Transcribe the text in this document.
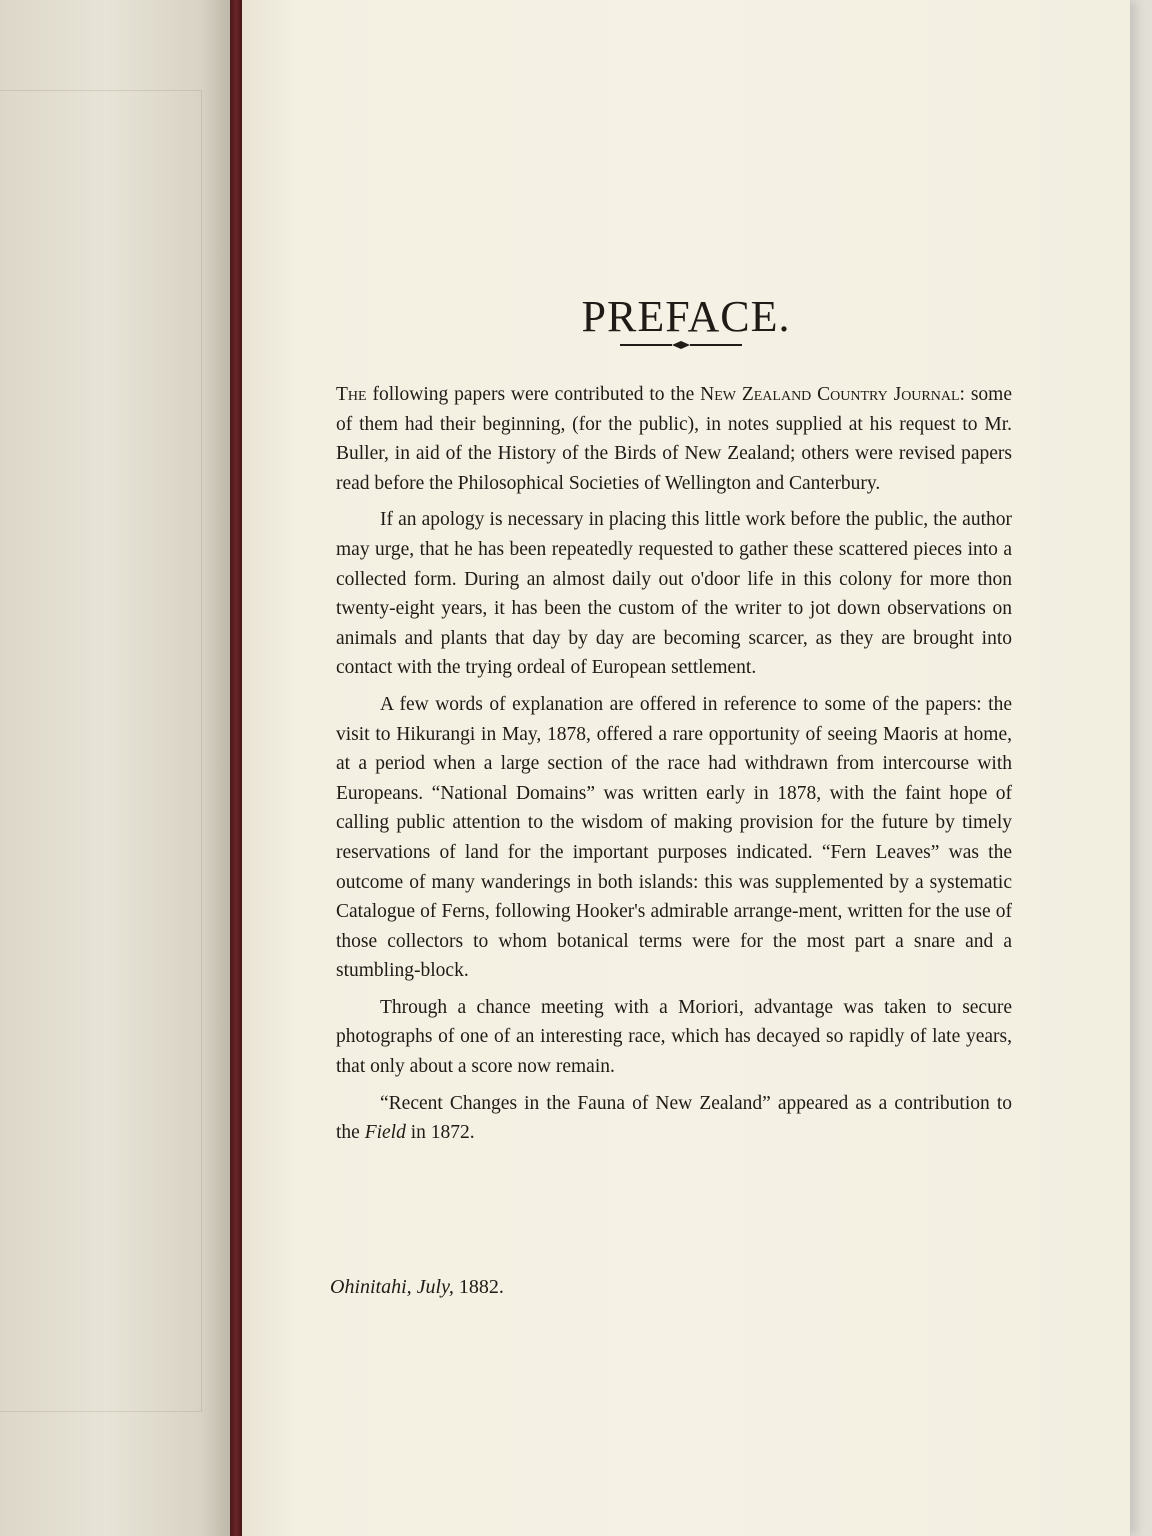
PREFACE.

The following papers were contributed to the New Zealand Country Journal: some of them had their beginning, (for the public), in notes supplied at his request to Mr. Buller, in aid of the History of the Birds of New Zealand; others were revised papers read before the Philosophical Societies of Wellington and Canterbury.

If an apology is necessary in placing this little work before the public, the author may urge, that he has been repeatedly requested to gather these scattered pieces into a collected form. During an almost daily out o'door life in this colony for more thon twenty-eight years, it has been the custom of the writer to jot down observations on animals and plants that day by day are becoming scarcer, as they are brought into contact with the trying ordeal of European settlement.

A few words of explanation are offered in reference to some of the papers: the visit to Hikurangi in May, 1878, offered a rare opportunity of seeing Maoris at home, at a period when a large section of the race had withdrawn from intercourse with Europeans. “National Domains” was written early in 1878, with the faint hope of calling public attention to the wisdom of making provision for the future by timely reservations of land for the important purposes indicated. “Fern Leaves” was the outcome of many wanderings in both islands: this was supplemented by a systematic Catalogue of Ferns, following Hooker's admirable arrange-ment, written for the use of those collectors to whom botanical terms were for the most part a snare and a stumbling-block.

Through a chance meeting with a Moriori, advantage was taken to secure photographs of one of an interesting race, which has decayed so rapidly of late years, that only about a score now remain.

“Recent Changes in the Fauna of New Zealand” appeared as a contribution to the Field in 1872.

Ohinitahi, July, 1882.
